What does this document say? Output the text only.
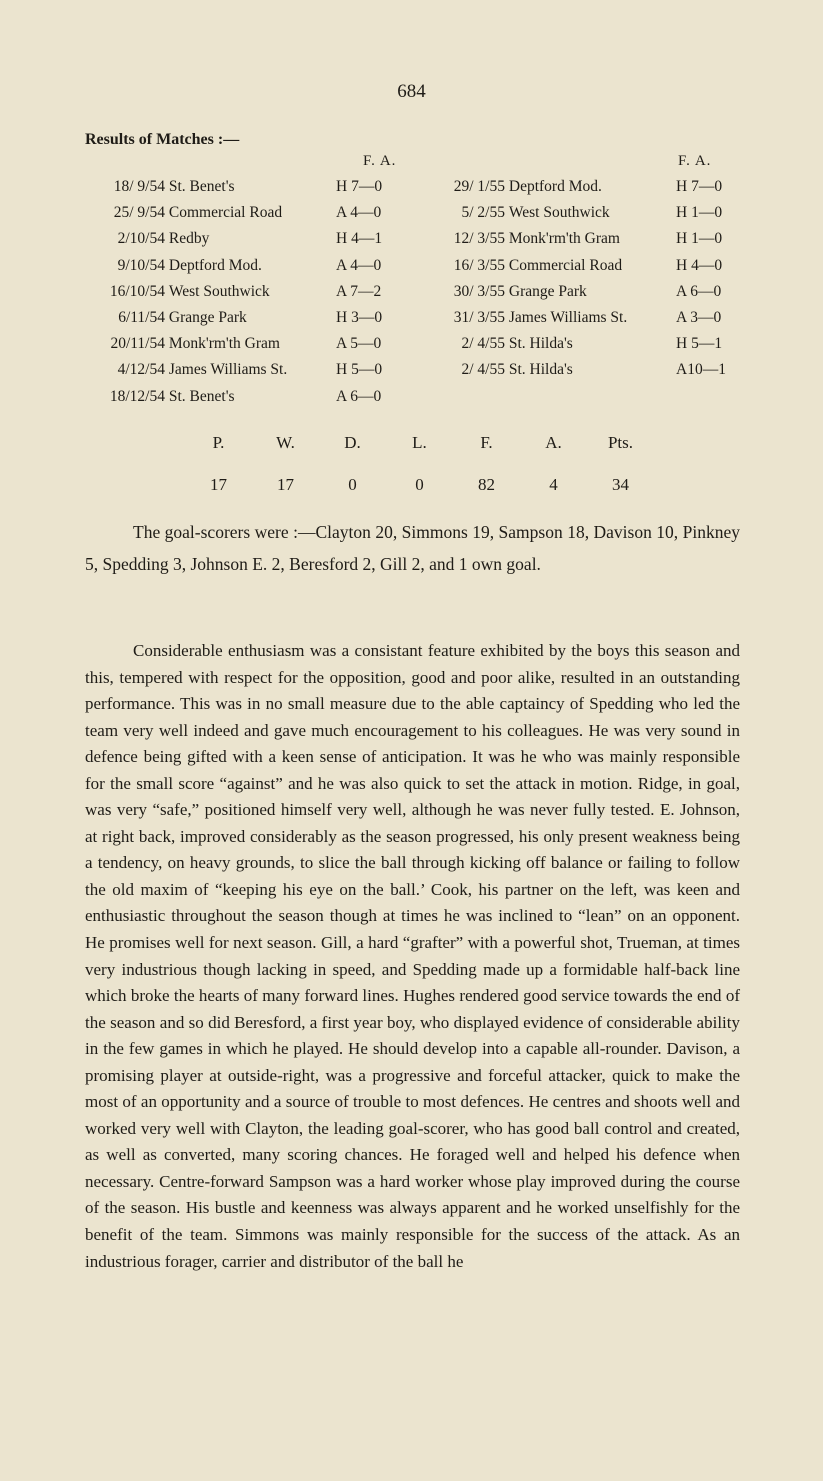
684
Results of Matches :—
F. A.	F. A.
18/ 9/54 St. Benet's	H 7—0
25/ 9/54 Commercial Road	A 4—0
2/10/54 Redby	H 4—1
9/10/54 Deptford Mod.	A 4—0
16/10/54 West Southwick	A 7—2
6/11/54 Grange Park	H 3—0
20/11/54 Monk'rm'th Gram	A 5—0
4/12/54 James Williams St.	H 5—0
18/12/54 St. Benet's	A 6—0
29/ 1/55 Deptford Mod.	H 7—0
5/ 2/55 West Southwick	H 1—0
12/ 3/55 Monk'rm'th Gram	H 1—0
16/ 3/55 Commercial Road	H 4—0
30/ 3/55 Grange Park	A 6—0
31/ 3/55 James Williams St.	A 3—0
2/ 4/55 St. Hilda's	H 5—1
2/ 4/55 St. Hilda's	A10—1
P.	W.	D.	L.	F.	A.	Pts.
17	17	0	0	82	4	34

The goal-scorers were :—Clayton 20, Simmons 19, Sampson 18, Davison 10, Pinkney 5, Spedding 3, Johnson E. 2, Beresford 2, Gill 2, and 1 own goal.

Considerable enthusiasm was a consistant feature exhibited by the boys this season and this, tempered with respect for the opposition, good and poor alike, resulted in an outstanding performance. This was in no small measure due to the able captaincy of Spedding who led the team very well indeed and gave much encouragement to his colleagues. He was very sound in defence being gifted with a keen sense of anticipation. It was he who was mainly responsible for the small score “against” and he was also quick to set the attack in motion. Ridge, in goal, was very “safe,” positioned himself very well, although he was never fully tested. E. Johnson, at right back, improved considerably as the season progressed, his only present weakness being a tendency, on heavy grounds, to slice the ball through kicking off balance or failing to follow the old maxim of “keeping his eye on the ball.’ Cook, his partner on the left, was keen and enthusiastic throughout the season though at times he was inclined to “lean” on an opponent. He promises well for next season. Gill, a hard “grafter” with a powerful shot, Trueman, at times very industrious though lacking in speed, and Spedding made up a formidable half-back line which broke the hearts of many forward lines. Hughes rendered good service towards the end of the season and so did Beresford, a first year boy, who displayed evidence of considerable ability in the few games in which he played. He should develop into a capable all-rounder. Davison, a promising player at outside-right, was a progressive and forceful attacker, quick to make the most of an opportunity and a source of trouble to most defences. He centres and shoots well and worked very well with Clayton, the leading goal-scorer, who has good ball control and created, as well as converted, many scoring chances. He foraged well and helped his defence when necessary. Centre-forward Sampson was a hard worker whose play improved during the course of the season. His bustle and keenness was always apparent and he worked unselfishly for the benefit of the team. Simmons was mainly responsible for the success of the attack. As an industrious forager, carrier and distributor of the ball he
